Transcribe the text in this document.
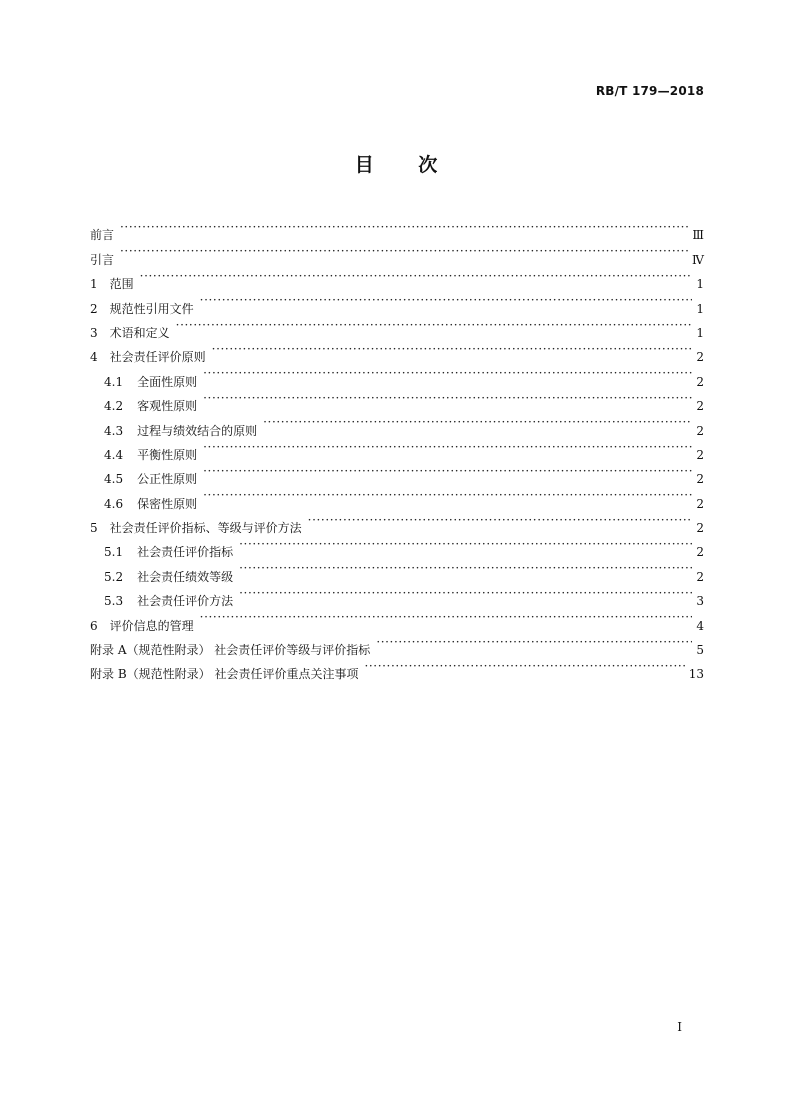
RB/T 179—2018
目 次
前言 ·····	Ⅲ
引言 ·····	Ⅳ
1 范围 ·····	1
2 规范性引用文件 ·····	1
3 术语和定义 ·····	1
4 社会责任评价原则 ·····	2
4.1 全面性原则 ·····	2
4.2 客观性原则 ·····	2
4.3 过程与绩效结合的原则 ·····	2
4.4 平衡性原则 ·····	2
4.5 公正性原则 ·····	2
4.6 保密性原则 ·····	2
5 社会责任评价指标、等级与评价方法 ·····	2
5.1 社会责任评价指标 ·····	2
5.2 社会责任绩效等级 ·····	2
5.3 社会责任评价方法 ·····	3
6 评价信息的管理 ·····	4
附录 A（规范性附录） 社会责任评价等级与评价指标 ·····	5
附录 B（规范性附录） 社会责任评价重点关注事项 ·····	13
I
